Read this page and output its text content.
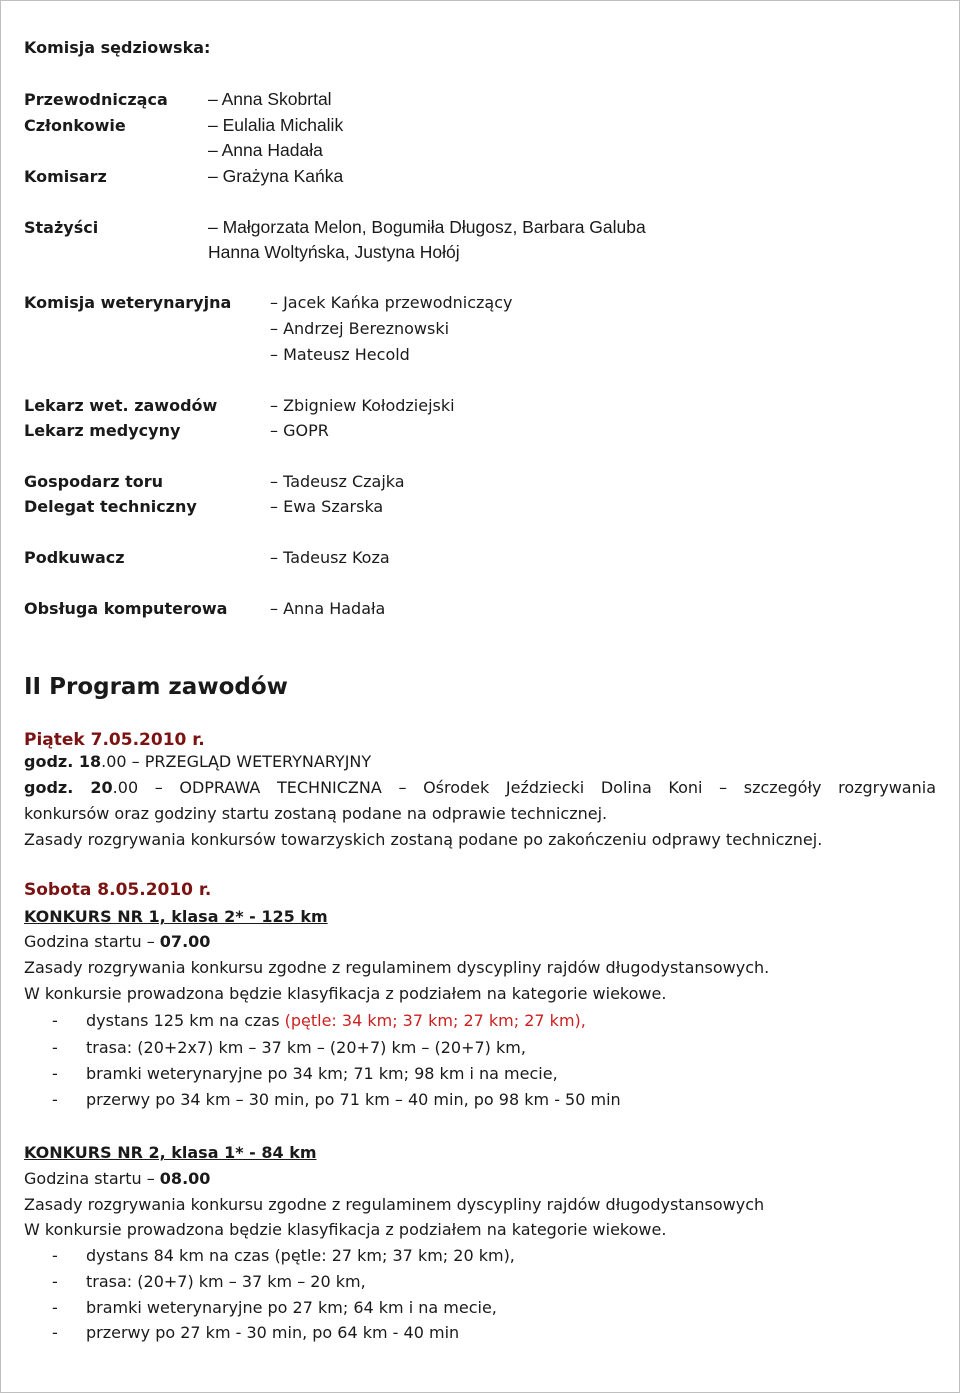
Komisja sędziowska:
Przewodnicząca – Anna Skobrtal
Członkowie	– Eulalia Michalik
– Anna Hadała
Komisarz	– Grażyna Kańka
Stażyści	– Małgorzata Melon, Bogumiła Długosz, Barbara Galuba
Hanna Woltyńska, Justyna Hołój
Komisja weterynaryjna – Jacek Kańka przewodniczący
– Andrzej Bereznowski
– Mateusz Hecold
Lekarz wet. zawodów	– Zbigniew Kołodziejski
Lekarz medycyny	– GOPR
Gospodarz toru	– Tadeusz Czajka
Delegat techniczny	– Ewa Szarska
Podkuwacz	– Tadeusz Koza
Obsługa komputerowa	– Anna Hadała
II Program zawodów
Piątek 7.05.2010 r.
godz. 18.00 – PRZEGLĄD WETERYNARYJNY
godz. 20.00 – ODPRAWA TECHNICZNA – Ośrodek Jeździecki Dolina Koni – szczegóły rozgrywania
konkursów oraz godziny startu zostaną podane na odprawie technicznej.
Zasady rozgrywania konkursów towarzyskich zostaną podane po zakończeniu odprawy technicznej.
Sobota 8.05.2010 r.
KONKURS NR 1, klasa 2* - 125 km
Godzina startu – 07.00
Zasady rozgrywania konkursu zgodne z regulaminem dyscypliny rajdów długodystansowych.
W konkursie prowadzona będzie klasyfikacja z podziałem na kategorie wiekowe.
- dystans 125 km na czas (pętle: 34 km; 37 km; 27 km; 27 km),
- trasa: (20+2x7) km – 37 km – (20+7) km – (20+7) km,
- bramki weterynaryjne po 34 km; 71 km; 98 km i na mecie,
- przerwy po 34 km – 30 min, po 71 km – 40 min, po 98 km - 50 min
KONKURS NR 2, klasa 1* - 84 km
Godzina startu – 08.00
Zasady rozgrywania konkursu zgodne z regulaminem dyscypliny rajdów długodystansowych
W konkursie prowadzona będzie klasyfikacja z podziałem na kategorie wiekowe.
- dystans 84 km na czas (pętle: 27 km; 37 km; 20 km),
- trasa: (20+7) km – 37 km – 20 km,
- bramki weterynaryjne po 27 km; 64 km i na mecie,
- przerwy po 27 km - 30 min, po 64 km - 40 min
